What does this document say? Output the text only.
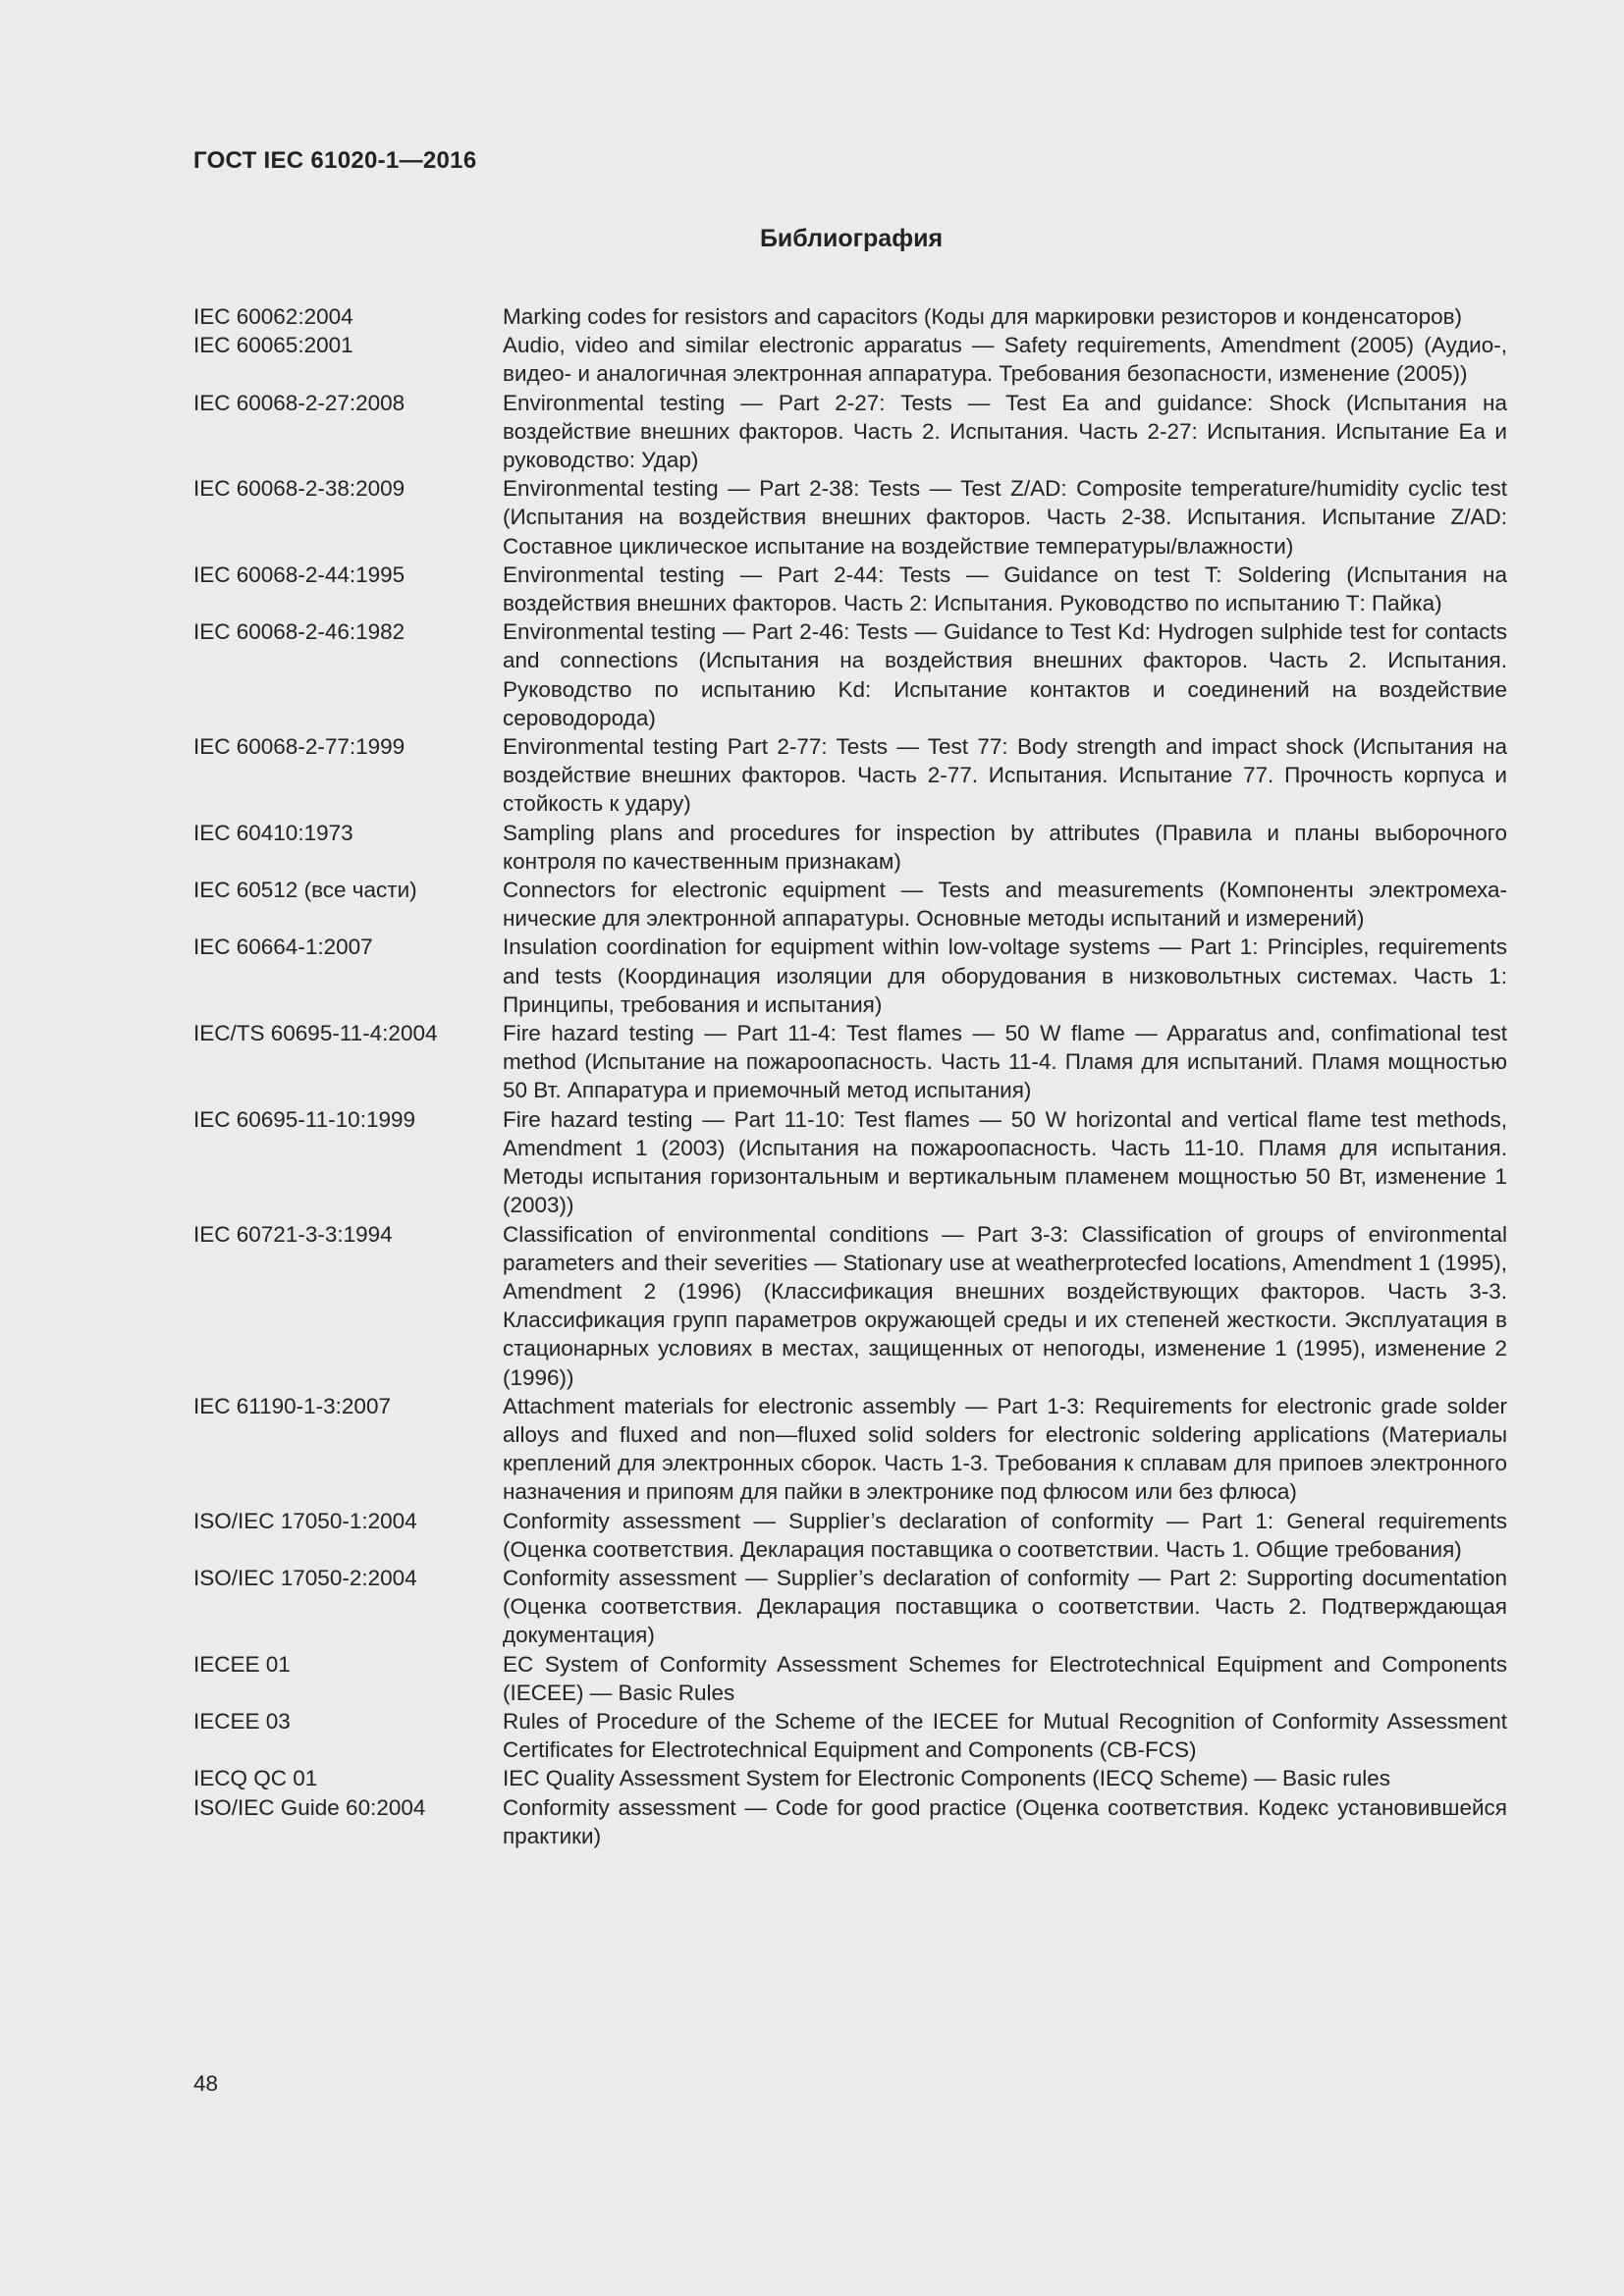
ГОСТ IEC 61020-1—2016
Библиография
IEC 60062:2004	Marking codes for resistors and capacitors (Коды для маркировки резисторов и конденсаторов)
IEC 60065:2001	Audio, video and similar electronic apparatus — Safety requirements, Amendment (2005) (Аудио-, видео- и аналогичная электронная аппаратура. Требования безопасности, изменение (2005))
IEC 60068-2-27:2008	Environmental testing — Part 2-27: Tests — Test Ea and guidance: Shock (Испытания на воздействие внешних факторов. Часть 2. Испытания. Часть 2-27: Испытания. Испытание Еа и руководство: Удар)
IEC 60068-2-38:2009	Environmental testing — Part 2-38: Tests — Test Z/AD: Composite temperature/humidity cyclic test (Испытания на воздействия внешних факторов. Часть 2-38. Испытания. Испытание Z/AD: Составное циклическое испытание на воздействие температуры/влажности)
IEC 60068-2-44:1995	Environmental testing — Part 2-44: Tests — Guidance on test T: Soldering (Испытания на воздействия внешних факторов. Часть 2: Испытания. Руководство по испытанию Т: Пайка)
IEC 60068-2-46:1982	Environmental testing — Part 2-46: Tests — Guidance to Test Kd: Hydrogen sulphide test for contacts and connections (Испытания на воздействия внешних факторов. Часть 2. Испытания. Руководство по испытанию Kd: Испытание контактов и соединений на воздействие сероводорода)
IEC 60068-2-77:1999	Environmental testing Part 2-77: Tests — Test 77: Body strength and impact shock (Испытания на воздействие внешних факторов. Часть 2-77. Испытания. Испытание 77. Прочность корпуса и стойкость к удару)
IEC 60410:1973	Sampling plans and procedures for inspection by attributes (Правила и планы выборочного контроля по качественным признакам)
IEC 60512 (все части)	Connectors for electronic equipment — Tests and measurements (Компоненты электромеханические для электронной аппаратуры. Основные методы испытаний и измерений)
IEC 60664-1:2007	Insulation coordination for equipment within low-voltage systems — Part 1: Principles, requirements and tests (Координация изоляции для оборудования в низковольтных системах. Часть 1: Принципы, требования и испытания)
IEC/TS 60695-11-4:2004	Fire hazard testing — Part 11-4: Test flames — 50 W flame — Apparatus and, confimational test method (Испытание на пожароопасность. Часть 11-4. Пламя для испытаний. Пламя мощностью 50 Вт. Аппаратура и приемочный метод испытания)
IEC 60695-11-10:1999	Fire hazard testing — Part 11-10: Test flames — 50 W horizontal and vertical flame test methods, Amendment 1 (2003) (Испытания на пожароопасность. Часть 11-10. Пламя для испытания. Методы испытания горизонтальным и вертикальным пламенем мощностью 50 Вт, изменение 1 (2003))
IEC 60721-3-3:1994	Classification of environmental conditions — Part 3-3: Classification of groups of environmental parameters and their severities — Stationary use at weatherprotecfed locations, Amendment 1 (1995), Amendment 2 (1996) (Классификация внешних воздействующих факторов. Часть 3-3. Классификация групп параметров окружающей среды и их степеней жесткости. Эксплуатация в стационарных условиях в местах, защищенных от непогоды, изменение 1 (1995), изменение 2 (1996))
IEC 61190-1-3:2007	Attachment materials for electronic assembly — Part 1-3: Requirements for electronic grade solder alloys and fluxed and non—fluxed solid solders for electronic soldering applications (Материалы креплений для электронных сборок. Часть 1-3. Требования к сплавам для припоев электронного назначения и припоям для пайки в электронике под флюсом или без флюса)
ISO/IEC 17050-1:2004	Conformity assessment — Supplier’s declaration of conformity — Part 1: General requirements (Оценка соответствия. Декларация поставщика о соответствии. Часть 1. Общие требования)
ISO/IEC 17050-2:2004	Conformity assessment — Supplier’s declaration of conformity — Part 2: Supporting documentation (Оценка соответствия. Декларация поставщика о соответствии. Часть 2. Подтверждающая документация)
IECEE 01	EC System of Conformity Assessment Schemes for Electrotechnical Equipment and Components (IECEE) — Basic Rules
IECEE 03	Rules of Procedure of the Scheme of the IECEE for Mutual Recognition of Conformity Assessment Certificates for Electrotechnical Equipment and Components (CB-FCS)
IECQ QC 01	IEC Quality Assessment System for Electronic Components (IECQ Scheme) — Basic rules
ISO/IEC Guide 60:2004	Conformity assessment — Code for good practice (Оценка соответствия. Кодекс установившейся практики)
48
